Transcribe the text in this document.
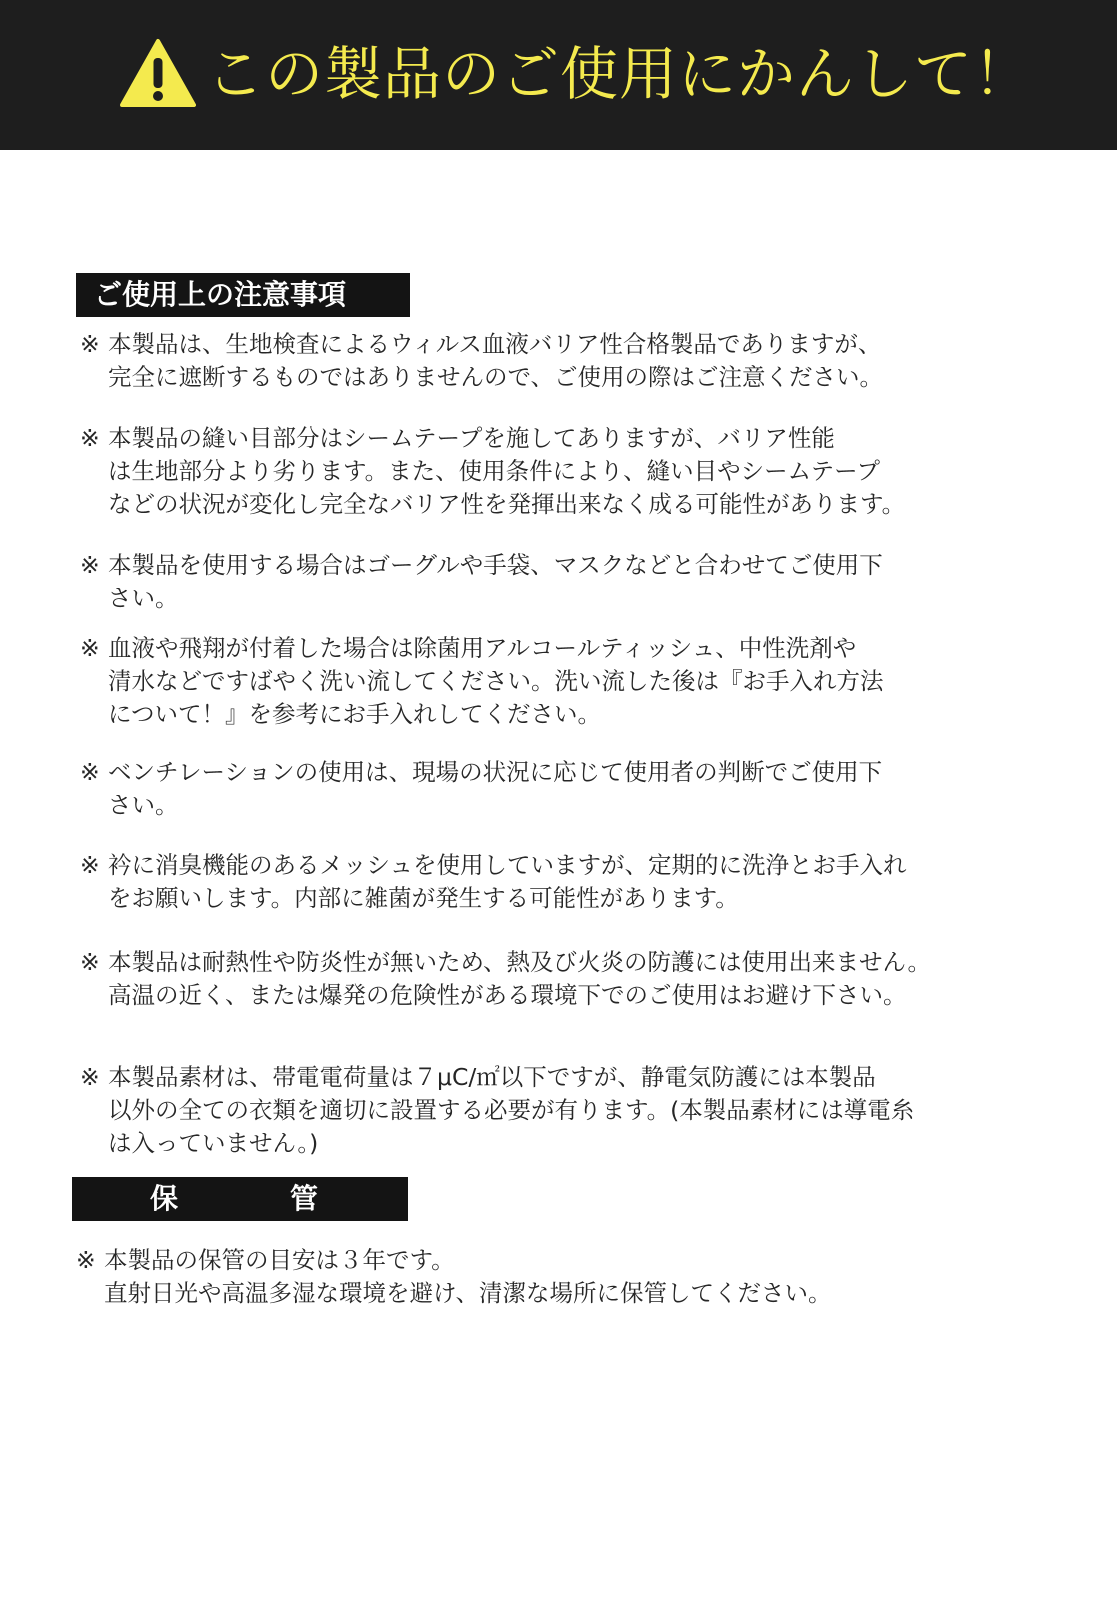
この製品のご使用にかんして！
ご使用上の注意事項
※ 本製品は、生地検査によるウィルス血液バリア性合格製品でありますが、
完全に遮断するものではありませんので、ご使用の際はご注意ください。
※ 本製品の縫い目部分はシームテープを施してありますが、バリア性能
は生地部分より劣ります。また、使用条件により、縫い目やシームテープ
などの状況が変化し完全なバリア性を発揮出来なく成る可能性があります。
※ 本製品を使用する場合はゴーグルや手袋、マスクなどと合わせてご使用下
さい。
※ 血液や飛翔が付着した場合は除菌用アルコールティッシュ、中性洗剤や
清水などですばやく洗い流してください。洗い流した後は『お手入れ方法
について！』を参考にお手入れしてください。
※ ベンチレーションの使用は、現場の状況に応じて使用者の判断でご使用下
さい。
※ 衿に消臭機能のあるメッシュを使用していますが、定期的に洗浄とお手入れ
をお願いします。内部に雑菌が発生する可能性があります。
※ 本製品は耐熱性や防炎性が無いため、熱及び火炎の防護には使用出来ません。
高温の近く、または爆発の危険性がある環境下でのご使用はお避け下さい。
※ 本製品素材は、帯電電荷量は７μC/㎡以下ですが、静電気防護には本製品
以外の全ての衣類を適切に設置する必要が有ります。(本製品素材には導電糸
は入っていません。)
保	管
※ 本製品の保管の目安は３年です。
直射日光や高温多湿な環境を避け、清潔な場所に保管してください。
